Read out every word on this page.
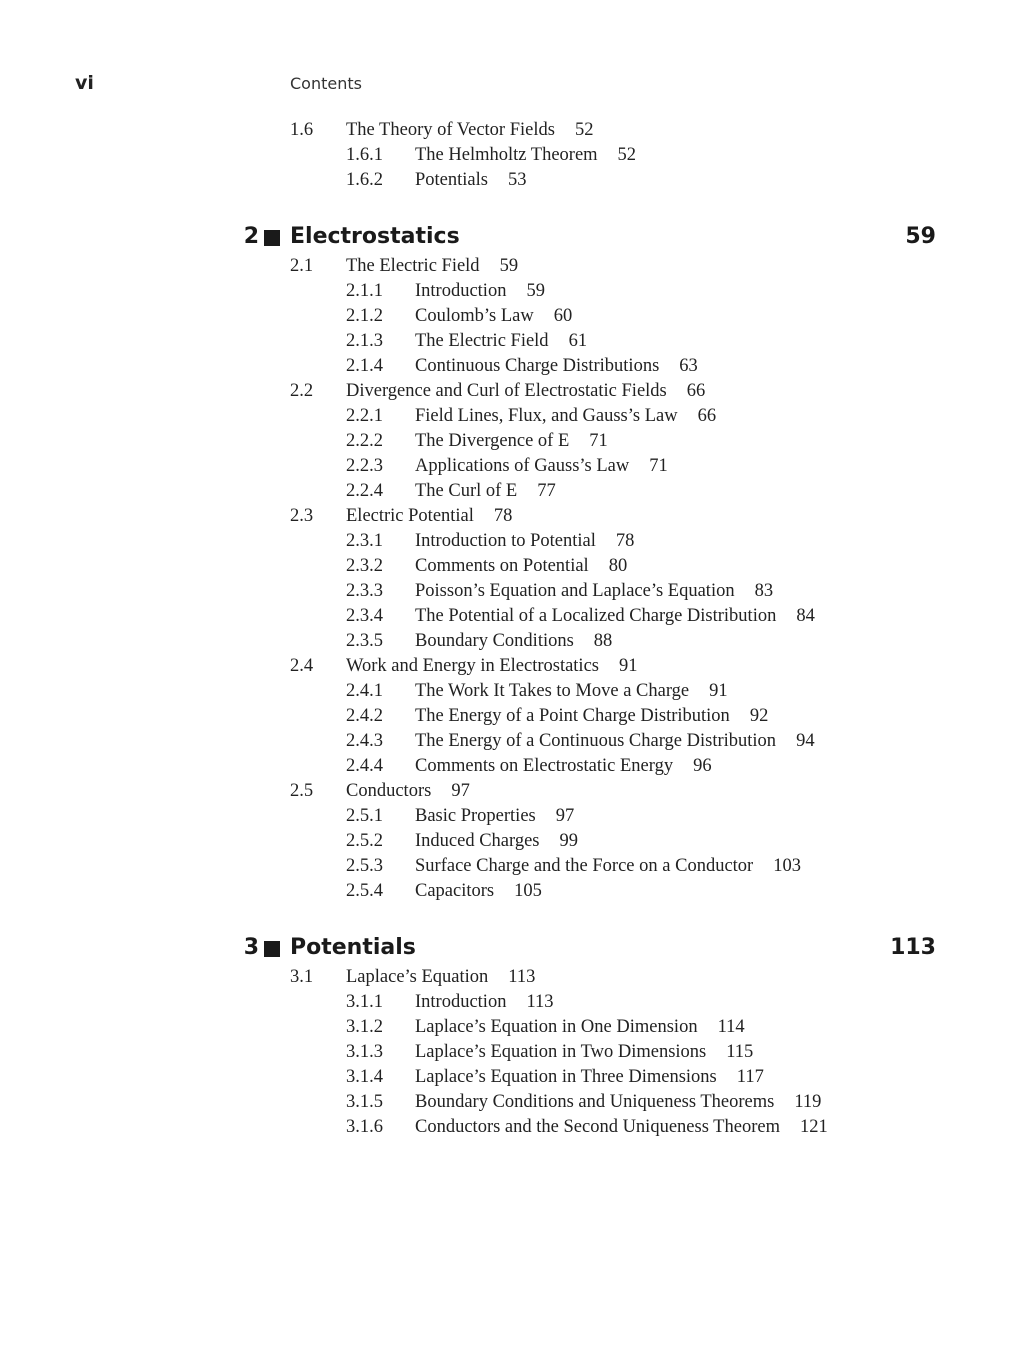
vi	Contents
1.6 The Theory of Vector Fields 52
1.6.1 The Helmholtz Theorem 52
1.6.2 Potentials 53
2 Electrostatics	59
2.1 The Electric Field 59
2.1.1 Introduction 59
2.1.2 Coulomb’s Law 60
2.1.3 The Electric Field 61
2.1.4 Continuous Charge Distributions 63
2.2 Divergence and Curl of Electrostatic Fields 66
2.2.1 Field Lines, Flux, and Gauss’s Law 66
2.2.2 The Divergence of E 71
2.2.3 Applications of Gauss’s Law 71
2.2.4 The Curl of E 77
2.3 Electric Potential 78
2.3.1 Introduction to Potential 78
2.3.2 Comments on Potential 80
2.3.3 Poisson’s Equation and Laplace’s Equation 83
2.3.4 The Potential of a Localized Charge Distribution 84
2.3.5 Boundary Conditions 88
2.4 Work and Energy in Electrostatics 91
2.4.1 The Work It Takes to Move a Charge 91
2.4.2 The Energy of a Point Charge Distribution 92
2.4.3 The Energy of a Continuous Charge Distribution 94
2.4.4 Comments on Electrostatic Energy 96
2.5 Conductors 97
2.5.1 Basic Properties 97
2.5.2 Induced Charges 99
2.5.3 Surface Charge and the Force on a Conductor 103
2.5.4 Capacitors 105
3 Potentials	113
3.1 Laplace’s Equation 113
3.1.1 Introduction 113
3.1.2 Laplace’s Equation in One Dimension 114
3.1.3 Laplace’s Equation in Two Dimensions 115
3.1.4 Laplace’s Equation in Three Dimensions 117
3.1.5 Boundary Conditions and Uniqueness Theorems 119
3.1.6 Conductors and the Second Uniqueness Theorem 121
